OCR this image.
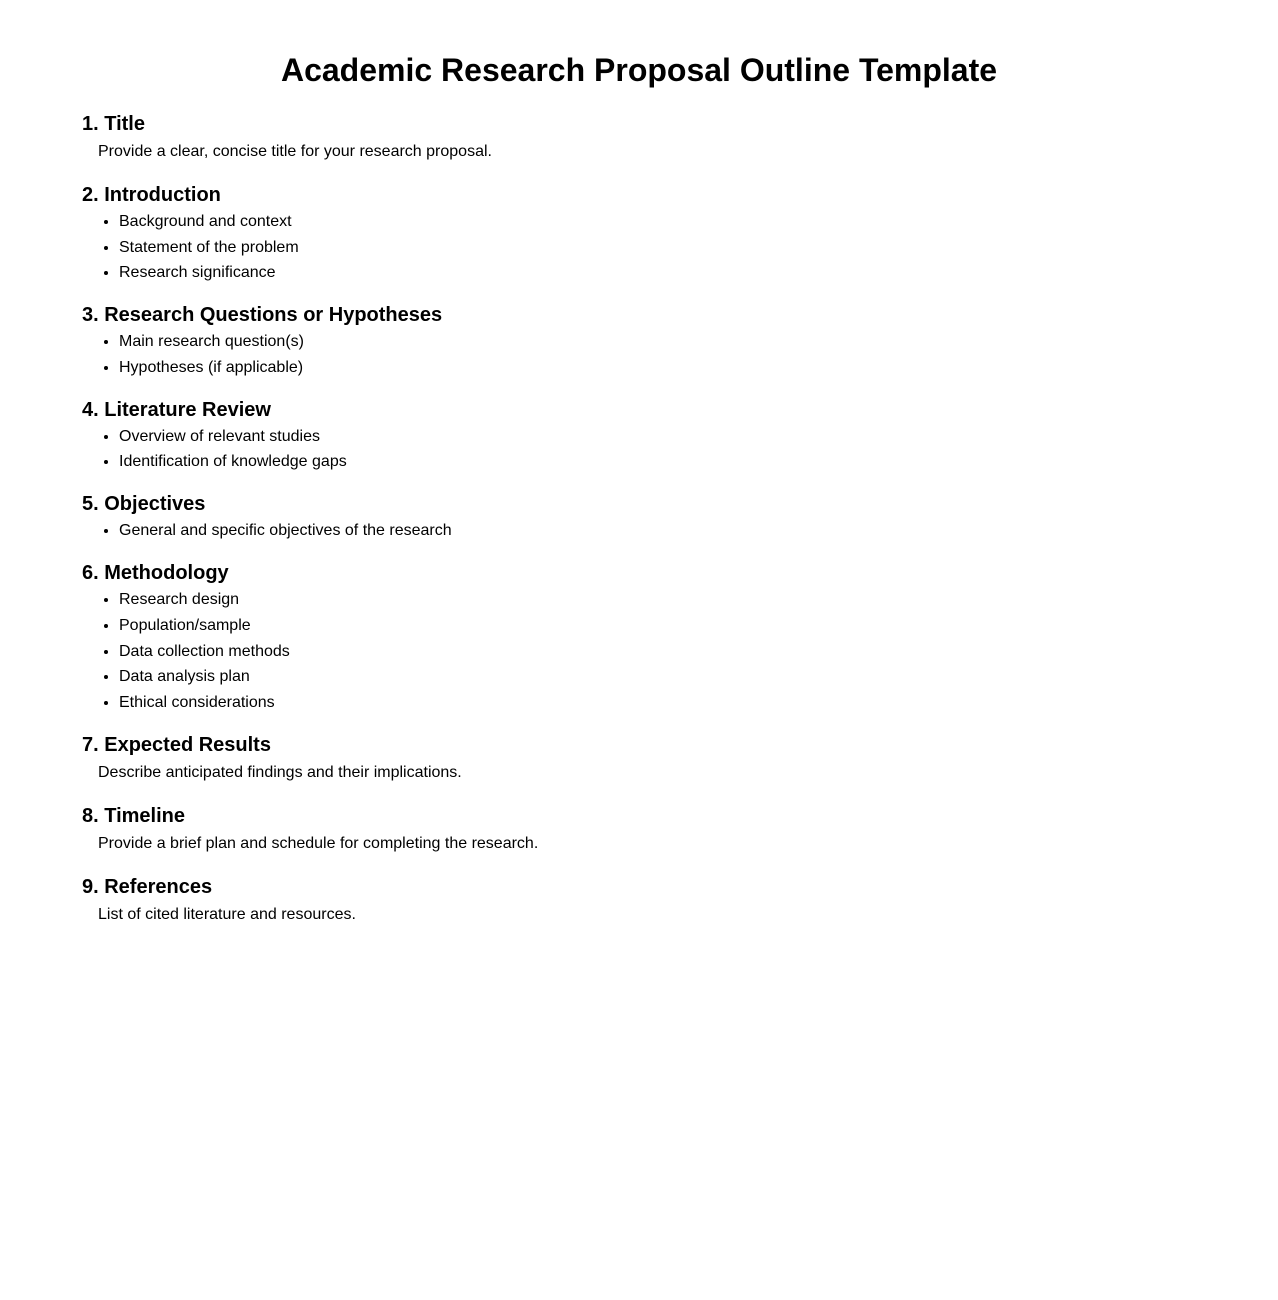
Academic Research Proposal Outline Template
1. Title

Provide a clear, concise title for your research proposal.

2. Introduction
• Background and context
• Statement of the problem
• Research significance
3. Research Questions or Hypotheses
• Main research question(s)
• Hypotheses (if applicable)
4. Literature Review
• Overview of relevant studies
• Identification of knowledge gaps
5. Objectives
• General and specific objectives of the research
6. Methodology
• Research design
• Population/sample
• Data collection methods
• Data analysis plan
• Ethical considerations
7. Expected Results

Describe anticipated findings and their implications.

8. Timeline

Provide a brief plan and schedule for completing the research.

9. References

List of cited literature and resources.
